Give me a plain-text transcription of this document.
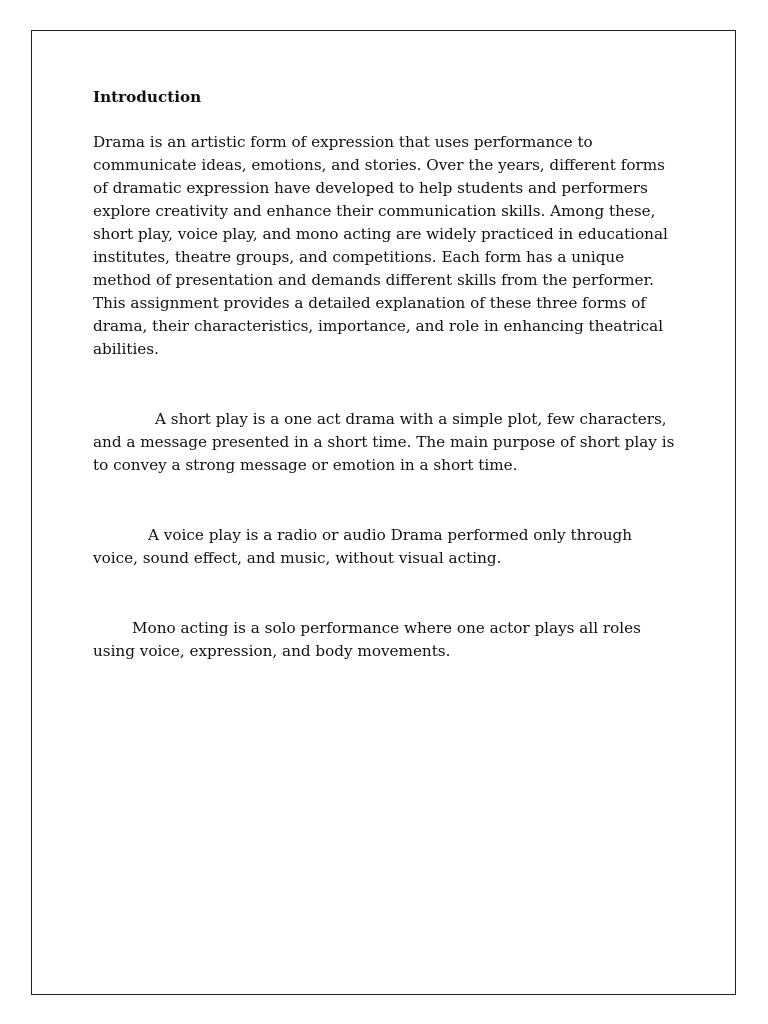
Introduction

Drama is an artistic form of expression that uses performance to communicate ideas, emotions, and stories. Over the years, different forms of dramatic expression have developed to help students and performers explore creativity and enhance their communication skills. Among these, short play, voice play, and mono acting are widely practiced in educational institutes, theatre groups, and competitions. Each form has a unique method of presentation and demands different skills from the performer. This assignment provides a detailed explanation of these three forms of drama, their characteristics, importance, and role in enhancing theatrical abilities.

A short play is a one act drama with a simple plot, few characters, and a message presented in a short time. The main purpose of short play is to convey a strong message or emotion in a short time.

A voice play is a radio or audio Drama performed only through voice, sound effect, and music, without visual acting.

Mono acting is a solo performance where one actor plays all roles using voice, expression, and body movements.
